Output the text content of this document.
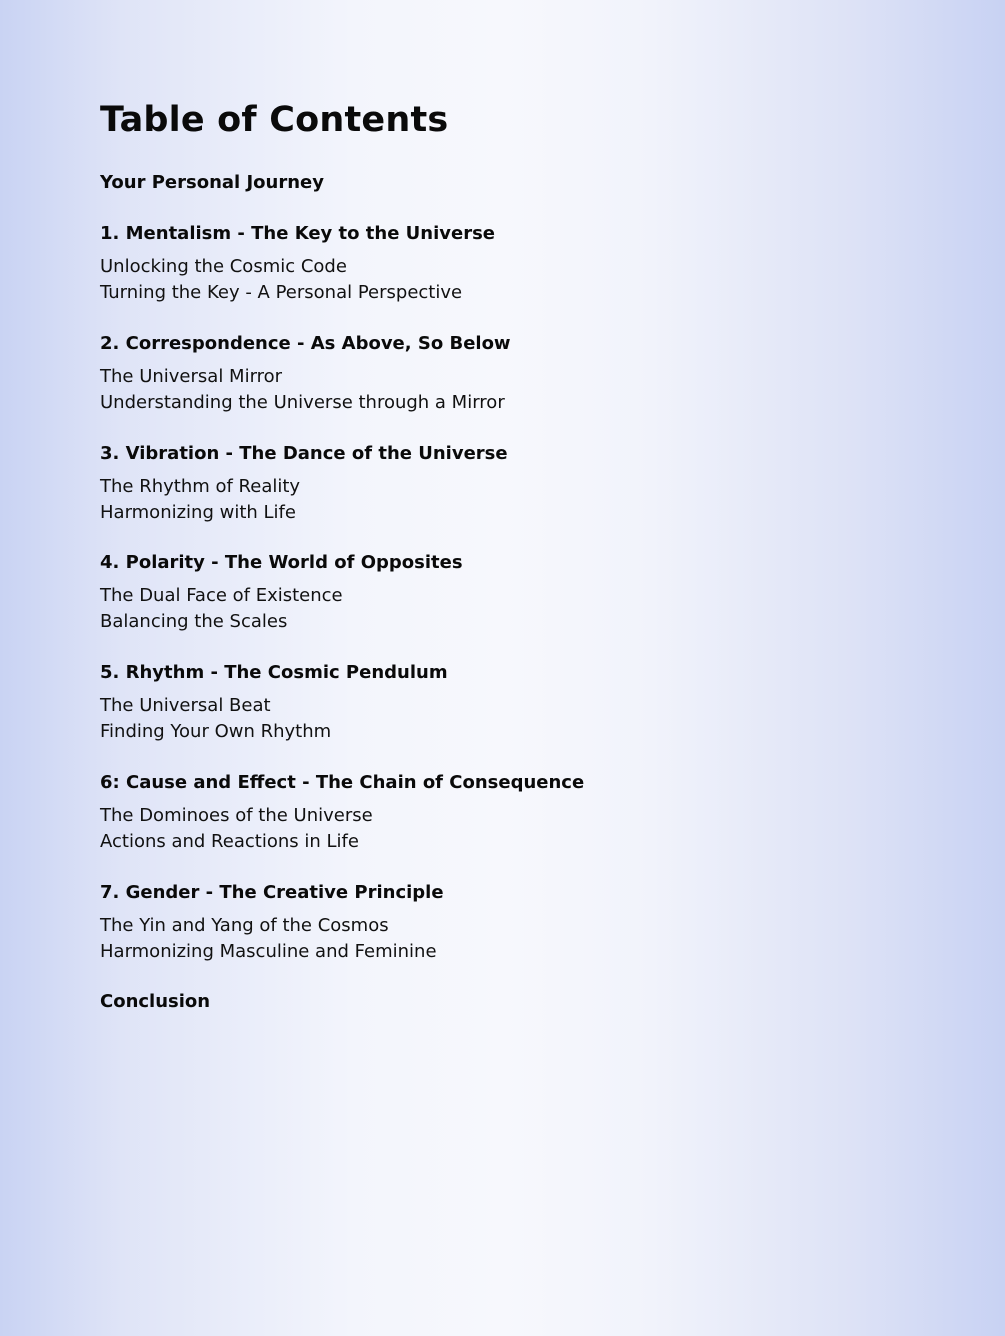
Table of Contents

Your Personal Journey

1. Mentalism - The Key to the Universe

Unlocking the Cosmic Code

Turning the Key - A Personal Perspective

2. Correspondence - As Above, So Below

The Universal Mirror

Understanding the Universe through a Mirror

3. Vibration - The Dance of the Universe

The Rhythm of Reality

Harmonizing with Life

4. Polarity - The World of Opposites

The Dual Face of Existence

Balancing the Scales

5. Rhythm - The Cosmic Pendulum

The Universal Beat

Finding Your Own Rhythm

6: Cause and Effect - The Chain of Consequence

The Dominoes of the Universe

Actions and Reactions in Life

7. Gender - The Creative Principle

The Yin and Yang of the Cosmos

Harmonizing Masculine and Feminine

Conclusion
